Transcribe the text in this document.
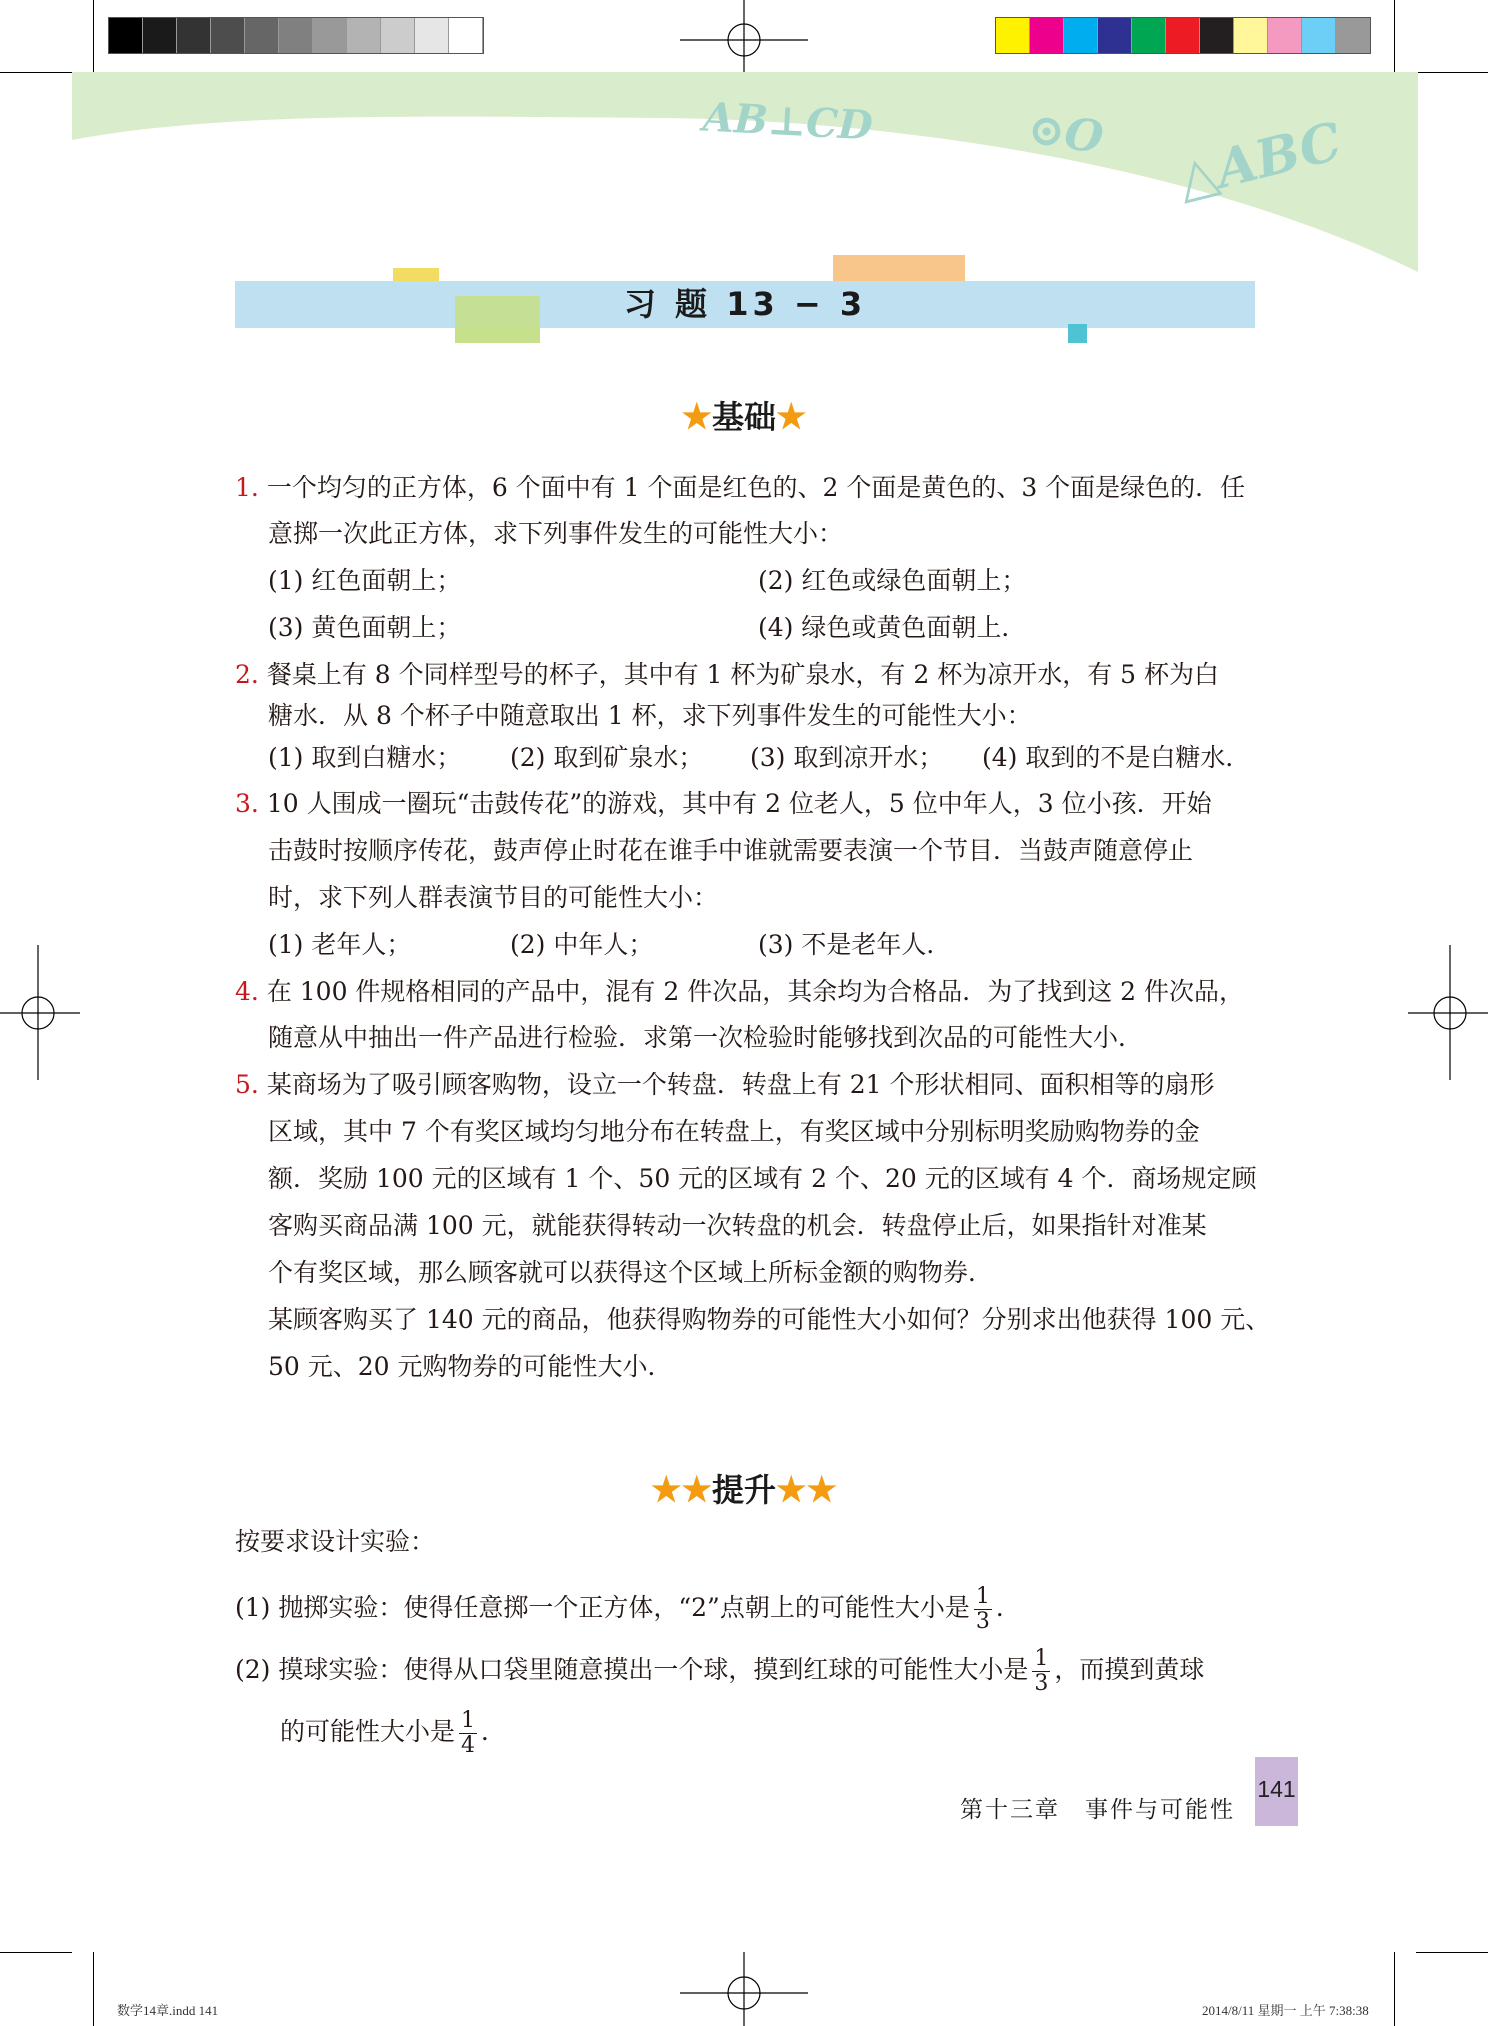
AB⊥CD	⊙O △ABC
习 题 13 − 3
★基础★
1. 一个均匀的正方体，6 个面中有 1 个面是红色的、2 个面是黄色的、3 个面是绿色的．任
意掷一次此正方体，求下列事件发生的可能性大小：
(1) 红色面朝上；	(2) 红色或绿色面朝上；
(3) 黄色面朝上；	(4) 绿色或黄色面朝上．
2. 餐桌上有 8 个同样型号的杯子，其中有 1 杯为矿泉水，有 2 杯为凉开水，有 5 杯为白
糖水．从 8 个杯子中随意取出 1 杯，求下列事件发生的可能性大小：
(1) 取到白糖水； (2) 取到矿泉水； (3) 取到凉开水； (4) 取到的不是白糖水．
3. 10 人围成一圈玩“击鼓传花”的游戏，其中有 2 位老人，5 位中年人，3 位小孩．开始
击鼓时按顺序传花，鼓声停止时花在谁手中谁就需要表演一个节目．当鼓声随意停止
时，求下列人群表演节目的可能性大小：
(1) 老年人；	(2) 中年人；	(3) 不是老年人．
4. 在 100 件规格相同的产品中，混有 2 件次品，其余均为合格品．为了找到这 2 件次品，
随意从中抽出一件产品进行检验．求第一次检验时能够找到次品的可能性大小．
5. 某商场为了吸引顾客购物，设立一个转盘．转盘上有 21 个形状相同、面积相等的扇形
区域，其中 7 个有奖区域均匀地分布在转盘上，有奖区域中分别标明奖励购物券的金
额．奖励 100 元的区域有 1 个、50 元的区域有 2 个、20 元的区域有 4 个．商场规定顾
客购买商品满 100 元，就能获得转动一次转盘的机会．转盘停止后，如果指针对准某
个有奖区域，那么顾客就可以获得这个区域上所标金额的购物券．
某顾客购买了 140 元的商品，他获得购物券的可能性大小如何？分别求出他获得 100 元、
50 元、20 元购物券的可能性大小．
★★提升★★
按要求设计实验：
(1) 抛掷实验：使得任意掷一个正方体，“2”点朝上的可能性大小是 $\frac{1}{3}$ ．
(2) 摸球实验：使得从口袋里随意摸出一个球，摸到红球的可能性大小是 $\frac{1}{3}$ ，而摸到黄球
的可能性大小是 $\frac{1}{4}$ ．
第十三章　事件与可能性
141
数学14章.indd 141	2014/8/11 星期一 上午 7:38:38
